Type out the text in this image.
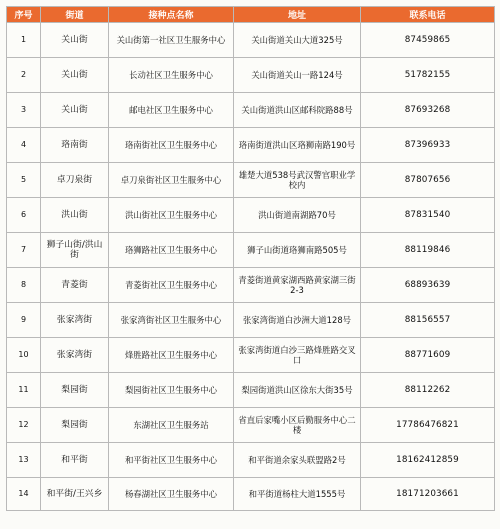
序号	街道	接种点名称	地址	联系电话
1	关山街	关山街第一社区卫生服务中心	关山街道关山大道325号	87459865
2	关山街	长动社区卫生服务中心	关山街道关山一路124号	51782155
3	关山街	邮电社区卫生服务中心	关山街道洪山区邮科院路88号	87693268
4	珞南街	珞南街社区卫生服务中心	珞南街道洪山区珞狮南路190号	87396933
5	卓刀泉街	卓刀泉街社区卫生服务中心	雄楚大道538号武汉警官职业学校内	87807656
6	洪山街	洪山街社区卫生服务中心	洪山街道南湖路70号	87831540
7	狮子山街/洪山街	珞狮路社区卫生服务中心	狮子山街道珞狮南路505号	88119846
8	青菱街	青菱街社区卫生服务中心	青菱街道黄家湖西路黄家湖三街2-3	68893639
9	张家湾街	张家湾街社区卫生服务中心	张家湾街道白沙洲大道128号	88156557
10	张家湾街	烽胜路社区卫生服务中心	张家湾街道白沙三路烽胜路交叉口	88771609
11	梨园街	梨园街社区卫生服务中心	梨园街道洪山区徐东大街35号	88112262
12	梨园街	东湖社区卫生服务站	省直后家嘴小区后勤服务中心二楼	17786476821
13	和平街	和平街社区卫生服务中心	和平街道余家头联盟路2号	18162412859
14	和平街/王兴乡	杨春湖社区卫生服务中心	和平街道杨柱大道1555号	18171203661
